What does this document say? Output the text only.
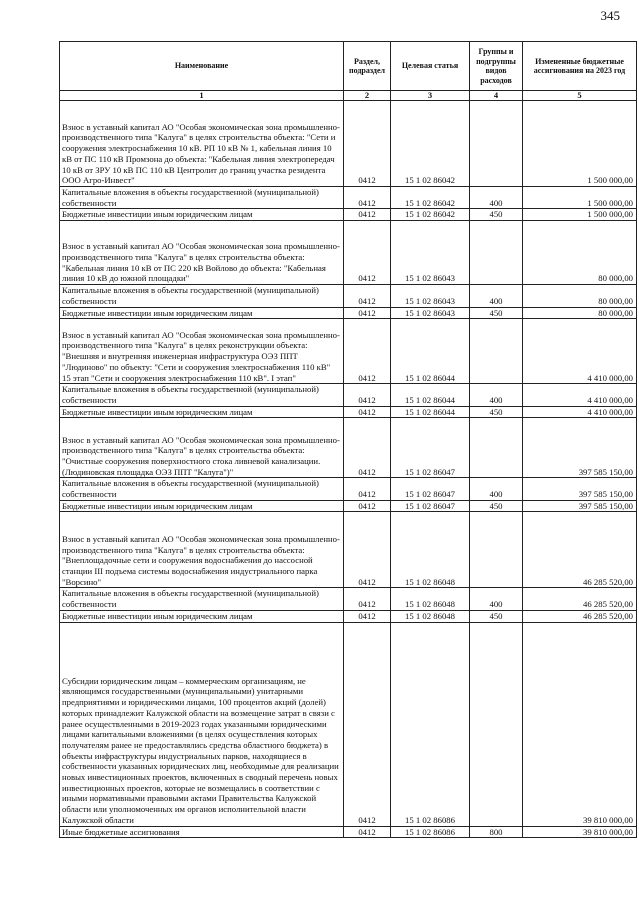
345
Наименование	Раздел, подраздел	Целевая статья	Группы и подгруппы видов расходов	Измененные бюджетные ассигнования на 2023 год
1	2	3	4	5
Взнос в уставный капитал АО "Особая экономическая зона промышленно-производственного типа "Калуга" в целях строительства объекта: "Сети и сооружения электроснабжения 10 кВ. РП 10 кВ № 1, кабельная линия 10 кВ от ПС 110 кВ Промзона до объекта: "Кабельная линия электропередач 10 кВ от ЗРУ 10 кВ ПС 110 кВ Центролит до границ участка резидента ООО Агро-Инвест"	0412	15 1 02 86042		1 500 000,00
Капитальные вложения в объекты государственной (муниципальной) собственности	0412	15 1 02 86042	400	1 500 000,00
Бюджетные инвестиции иным юридическим лицам	0412	15 1 02 86042	450	1 500 000,00
Взнос в уставный капитал АО "Особая экономическая зона промышленно-производственного типа "Калуга" в целях строительства объекта: "Кабельная линия 10 кВ от ПС 220 кВ Войлово до объекта: "Кабельная линия 10 кВ до южной площадки"	0412	15 1 02 86043		80 000,00
Капитальные вложения в объекты государственной (муниципальной) собственности	0412	15 1 02 86043	400	80 000,00
Бюджетные инвестиции иным юридическим лицам	0412	15 1 02 86043	450	80 000,00
Взнос в уставный капитал АО "Особая экономическая зона промышленно-производственного типа "Калуга" в целях реконструкции объекта: "Внешняя и внутренняя инженерная инфраструктура ОЭЗ ППТ "Людиново" по объекту: "Сети и сооружения электроснабжения 110 кВ" 15 этап "Сети и сооружения электроснабжения 110 кВ". I этап"	0412	15 1 02 86044		4 410 000,00
Капитальные вложения в объекты государственной (муниципальной) собственности	0412	15 1 02 86044	400	4 410 000,00
Бюджетные инвестиции иным юридическим лицам	0412	15 1 02 86044	450	4 410 000,00
Взнос в уставный капитал АО "Особая экономическая зона промышленно-производственного типа "Калуга" в целях строительства объекта: "Очистные сооружения поверхностного стока ливневой канализации. (Людиновская площадка ОЭЗ ППТ "Калуга")"	0412	15 1 02 86047		397 585 150,00
Капитальные вложения в объекты государственной (муниципальной) собственности	0412	15 1 02 86047	400	397 585 150,00
Бюджетные инвестиции иным юридическим лицам	0412	15 1 02 86047	450	397 585 150,00
Взнос в уставный капитал АО "Особая экономическая зона промышленно-производственного типа "Калуга" в целях строительства объекта: "Внеплощадочные сети и сооружения водоснабжения до нассосной станции III подъема системы водоснабжения индустриального парка "Ворсино"	0412	15 1 02 86048		46 285 520,00
Капитальные вложения в объекты государственной (муниципальной) собственности	0412	15 1 02 86048	400	46 285 520,00
Бюджетные инвестиции иным юридическим лицам	0412	15 1 02 86048	450	46 285 520,00
Субсидии юридическим лицам – коммерческим организациям, не являющимся государственными (муниципальными) унитарными предприятиями и юридическими лицами, 100 процентов акций (долей) которых принадлежит Калужской области на возмещение затрат в связи с ранее осуществленными в 2019-2023 годах указанными юридическими лицами капитальными вложениями (в целях осуществления которых получателям ранее не предоставлялись средства областного бюджета) в объекты инфраструктуры индустриальных парков, находящиеся в собственности указанных юридических лиц, необходимые для реализации новых инвестиционных проектов, включенных в сводный перечень новых инвестиционных проектов, которые не возмещались в соответствии с иными нормативными правовыми актами Правительства Калужской области или уполномоченных им органов исполнительной власти Калужской области	0412	15 1 02 86086		39 810 000,00
Иные бюджетные ассигнования	0412	15 1 02 86086	800	39 810 000,00
